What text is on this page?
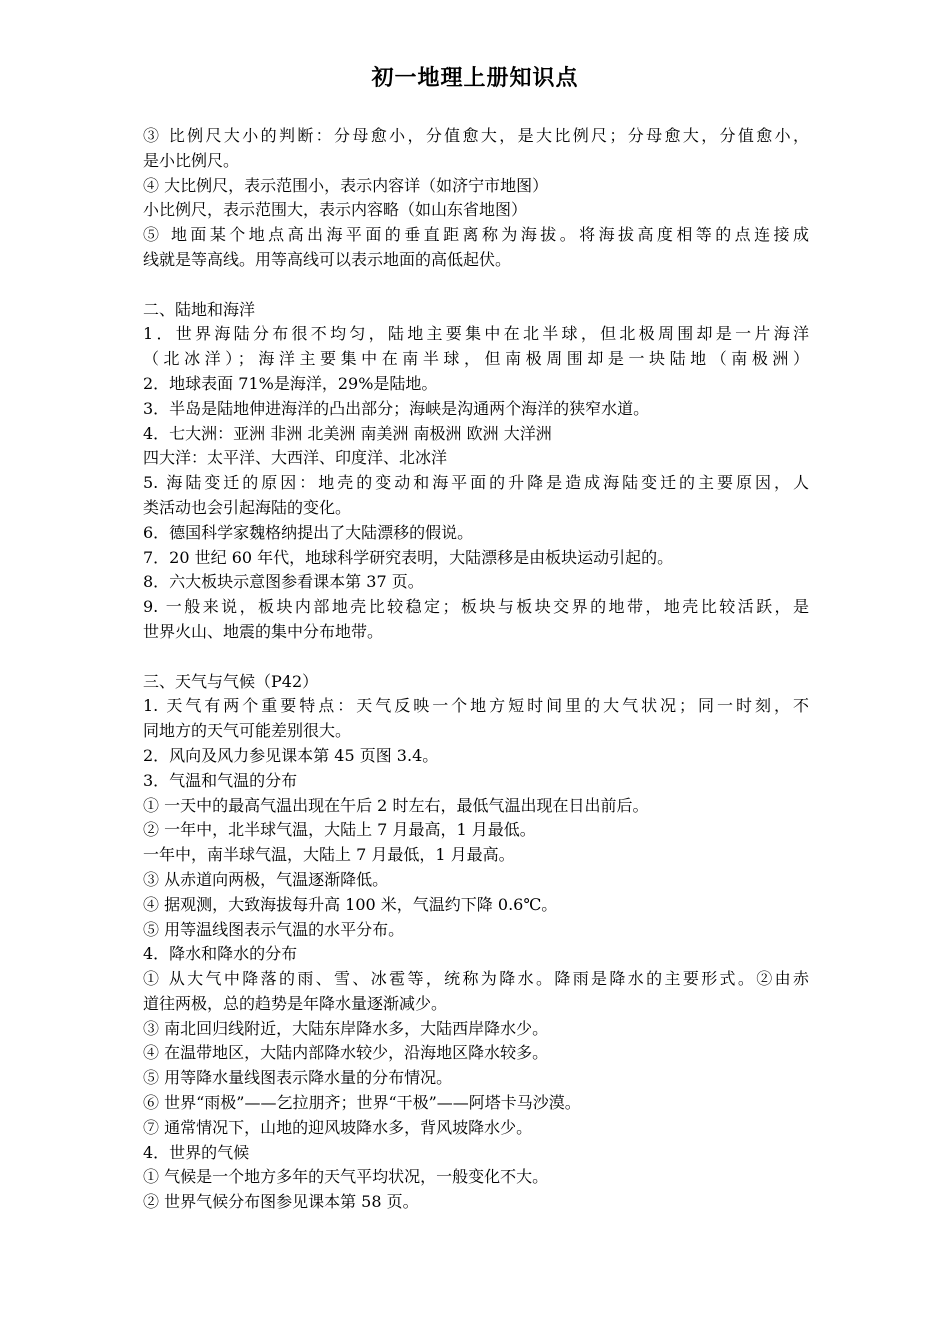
初一地理上册知识点
③ 比例尺大小的判断：分母愈小，分值愈大，是大比例尺；分母愈大，分值愈小，
是小比例尺。
④ 大比例尺，表示范围小，表示内容详（如济宁市地图）
小比例尺，表示范围大，表示内容略（如山东省地图）
⑤ 地面某个地点高出海平面的垂直距离称为海拔。将海拔高度相等的点连接成
线就是等高线。用等高线可以表示地面的高低起伏。
二、陆地和海洋
1．世界海陆分布很不均匀，陆地主要集中在北半球，但北极周围却是一片海洋
（北冰洋）；海洋主要集中在南半球，但南极周围却是一块陆地（南极洲）
2．地球表面 71%是海洋，29%是陆地。
3．半岛是陆地伸进海洋的凸出部分；海峡是沟通两个海洋的狭窄水道。
4．七大洲：亚洲 非洲 北美洲 南美洲 南极洲 欧洲 大洋洲
四大洋：太平洋、大西洋、印度洋、北冰洋
5. 海陆变迁的原因：地壳的变动和海平面的升降是造成海陆变迁的主要原因，人
类活动也会引起海陆的变化。
6．德国科学家魏格纳提出了大陆漂移的假说。
7．20 世纪 60 年代，地球科学研究表明，大陆漂移是由板块运动引起的。
8．六大板块示意图参看课本第 37 页。
9. 一般来说，板块内部地壳比较稳定；板块与板块交界的地带，地壳比较活跃，是
世界火山、地震的集中分布地带。
三、天气与气候（P42）
1. 天气有两个重要特点：天气反映一个地方短时间里的大气状况；同一时刻，不
同地方的天气可能差别很大。
2．风向及风力参见课本第 45 页图 3.4。
3．气温和气温的分布
① 一天中的最高气温出现在午后 2 时左右，最低气温出现在日出前后。
② 一年中，北半球气温，大陆上 7 月最高，1 月最低。
一年中，南半球气温，大陆上 7 月最低，1 月最高。
③ 从赤道向两极，气温逐渐降低。
④ 据观测，大致海拔每升高 100 米，气温约下降 0.6℃。
⑤ 用等温线图表示气温的水平分布。
4．降水和降水的分布
① 从大气中降落的雨、雪、冰雹等，统称为降水。降雨是降水的主要形式。②由赤
道往两极，总的趋势是年降水量逐渐减少。
③ 南北回归线附近，大陆东岸降水多，大陆西岸降水少。
④ 在温带地区，大陆内部降水较少，沿海地区降水较多。
⑤ 用等降水量线图表示降水量的分布情况。
⑥ 世界“雨极”——乞拉朋齐；世界“干极”——阿塔卡马沙漠。
⑦ 通常情况下，山地的迎风坡降水多，背风坡降水少。
4．世界的气候
① 气候是一个地方多年的天气平均状况，一般变化不大。
② 世界气候分布图参见课本第 58 页。
